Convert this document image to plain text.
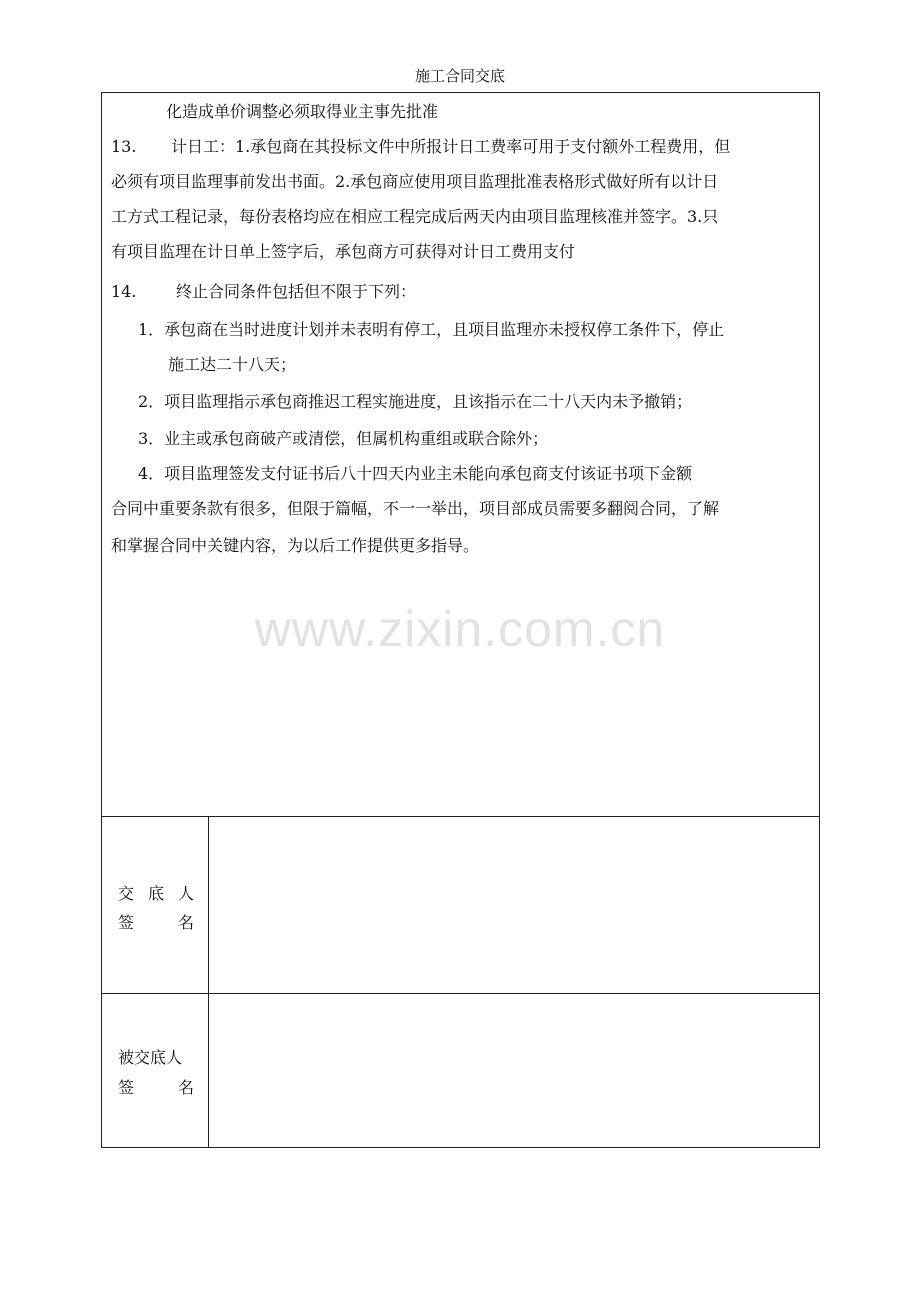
施工合同交底
化造成单价调整必须取得业主事先批准
13. 计日工：1.承包商在其投标文件中所报计日工费率可用于支付额外工程费用，但
必须有项目监理事前发出书面。2.承包商应使用项目监理批准表格形式做好所有以计日
工方式工程记录，每份表格均应在相应工程完成后两天内由项目监理核准并签字。3.只
有项目监理在计日单上签字后，承包商方可获得对计日工费用支付
14. 终止合同条件包括但不限于下列：
1．承包商在当时进度计划并未表明有停工，且项目监理亦未授权停工条件下，停止
施工达二十八天；
2．项目监理指示承包商推迟工程实施进度，且该指示在二十八天内未予撤销；
3．业主或承包商破产或清偿，但属机构重组或联合除外；
4．项目监理签发支付证书后八十四天内业主未能向承包商支付该证书项下金额
合同中重要条款有很多，但限于篇幅，不一一举出，项目部成员需要多翻阅合同，了解
和掌握合同中关键内容，为以后工作提供更多指导。
交 底 人
签	名
被交底人
签	名
www.zixin.com.cn
